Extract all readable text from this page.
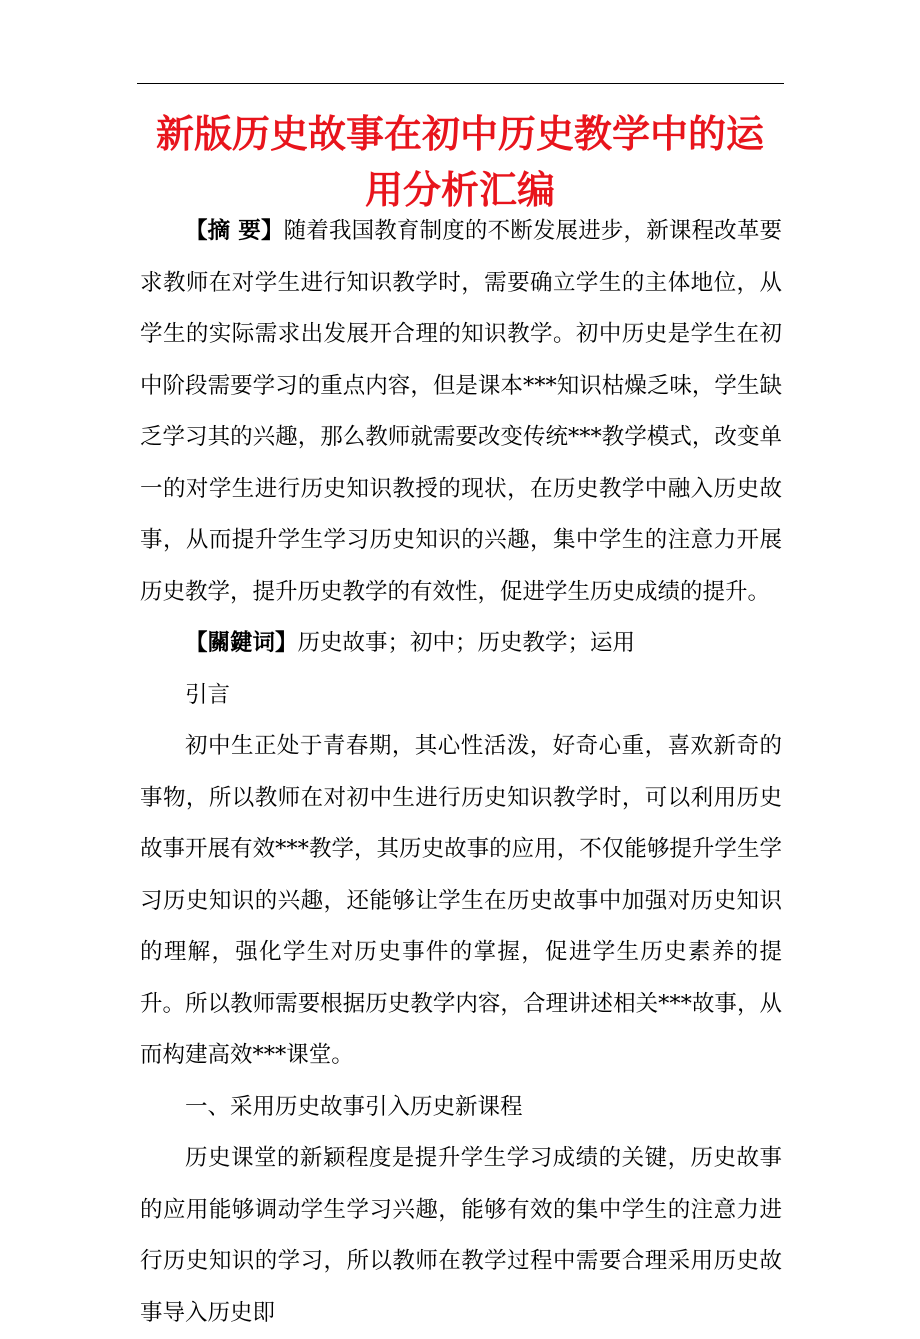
新版历史故事在初中历史教学中的运用分析汇编

【摘 要】随着我国教育制度的不断发展进步，新课程改革要求教师在对学生进行知识教学时，需要确立学生的主体地位，从学生的实际需求出发展开合理的知识教学。初中历史是学生在初中阶段需要学习的重点内容，但是课本***知识枯燥乏味，学生缺乏学习其的兴趣，那么教师就需要改变传统***教学模式，改变单一的对学生进行历史知识教授的现状，在历史教学中融入历史故事，从而提升学生学习历史知识的兴趣，集中学生的注意力开展历史教学，提升历史教学的有效性，促进学生历史成绩的提升。

【關鍵词】历史故事；初中；历史教学；运用

引言

初中生正处于青春期，其心性活泼，好奇心重，喜欢新奇的事物，所以教师在对初中生进行历史知识教学时，可以利用历史故事开展有效***教学，其历史故事的应用，不仅能够提升学生学习历史知识的兴趣，还能够让学生在历史故事中加强对历史知识的理解，强化学生对历史事件的掌握，促进学生历史素养的提升。所以教师需要根据历史教学内容，合理讲述相关***故事，从而构建高效***课堂。

一、采用历史故事引入历史新课程

历史课堂的新颖程度是提升学生学习成绩的关键，历史故事的应用能够调动学生学习兴趣，能够有效的集中学生的注意力进行历史知识的学习，所以教师在教学过程中需要合理采用历史故事导入历史即
